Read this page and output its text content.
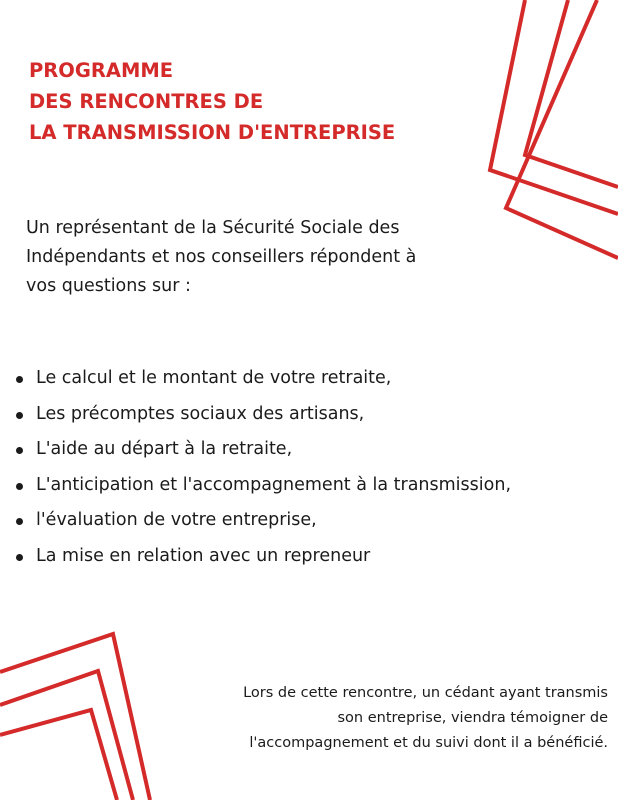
PROGRAMME
DES RENCONTRES DE
LA TRANSMISSION D'ENTREPRISE

Un représentant de la Sécurité Sociale des
Indépendants et nos conseillers répondent à
vos questions sur :

Le calcul et le montant de votre retraite,
Les précomptes sociaux des artisans,
L'aide au départ à la retraite,
L'anticipation et l'accompagnement à la transmission,
l'évaluation de votre entreprise,
La mise en relation avec un repreneur

Lors de cette rencontre, un cédant ayant transmis
son entreprise, viendra témoigner de
l'accompagnement et du suivi dont il a bénéficié.
